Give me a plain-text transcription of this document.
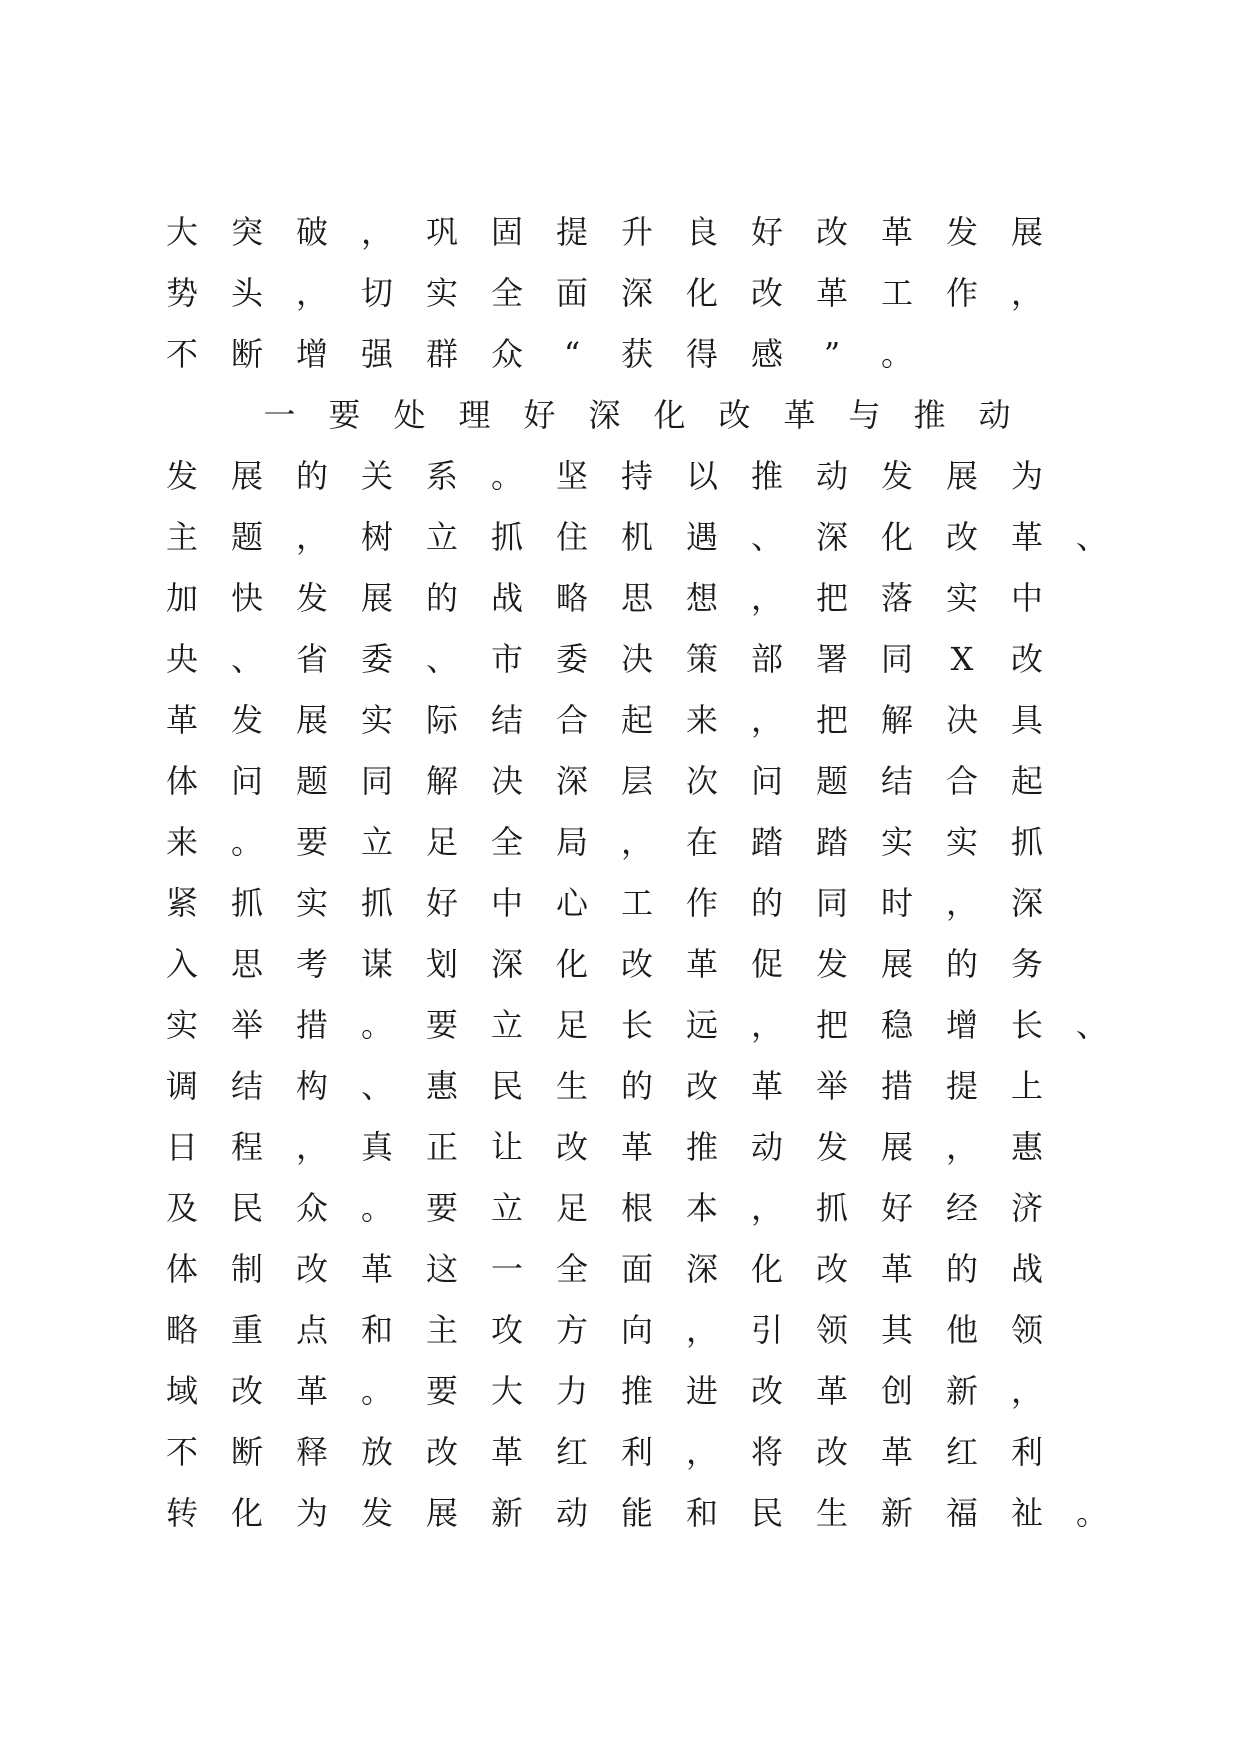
大 突 破 ， 巩 固 提 升 良 好 改 革 发 展
势 头 ， 切 实 全 面 深 化 改 革 工 作 ，
不 断 增 强 群 众	“	获 得 感	”	。
一 要 处 理 好 深 化 改 革 与 推 动
发 展 的 关 系 。 坚 持 以 推 动 发 展 为
主 题 ， 树 立 抓 住 机 遇 、 深 化 改 革 、
加 快 发 展 的 战 略 思 想 ， 把 落 实 中
央 、 省 委 、 市 委 决 策 部 署 同	X	改
革 发 展 实 际 结 合 起 来 ， 把 解 决 具
体 问 题 同 解 决 深 层 次 问 题 结 合 起
来 。 要 立 足 全 局 ， 在 踏 踏 实 实 抓
紧 抓 实 抓 好 中 心 工 作 的 同 时 ， 深
入 思 考 谋 划 深 化 改 革 促 发 展 的 务
实 举 措 。 要 立 足 长 远 ， 把 稳 增 长 、
调 结 构 、 惠 民 生 的 改 革 举 措 提 上
日 程 ， 真 正 让 改 革 推 动 发 展 ， 惠
及 民 众 。 要 立 足 根 本 ， 抓 好 经 济
体 制 改 革 这 一 全 面 深 化 改 革 的 战
略 重 点 和 主 攻 方 向 ， 引 领 其 他 领
域 改 革 。 要 大 力 推 进 改 革 创 新 ，
不 断 释 放 改 革 红 利 ， 将 改 革 红 利
转 化 为 发 展 新 动 能 和 民 生 新 福 祉 。
